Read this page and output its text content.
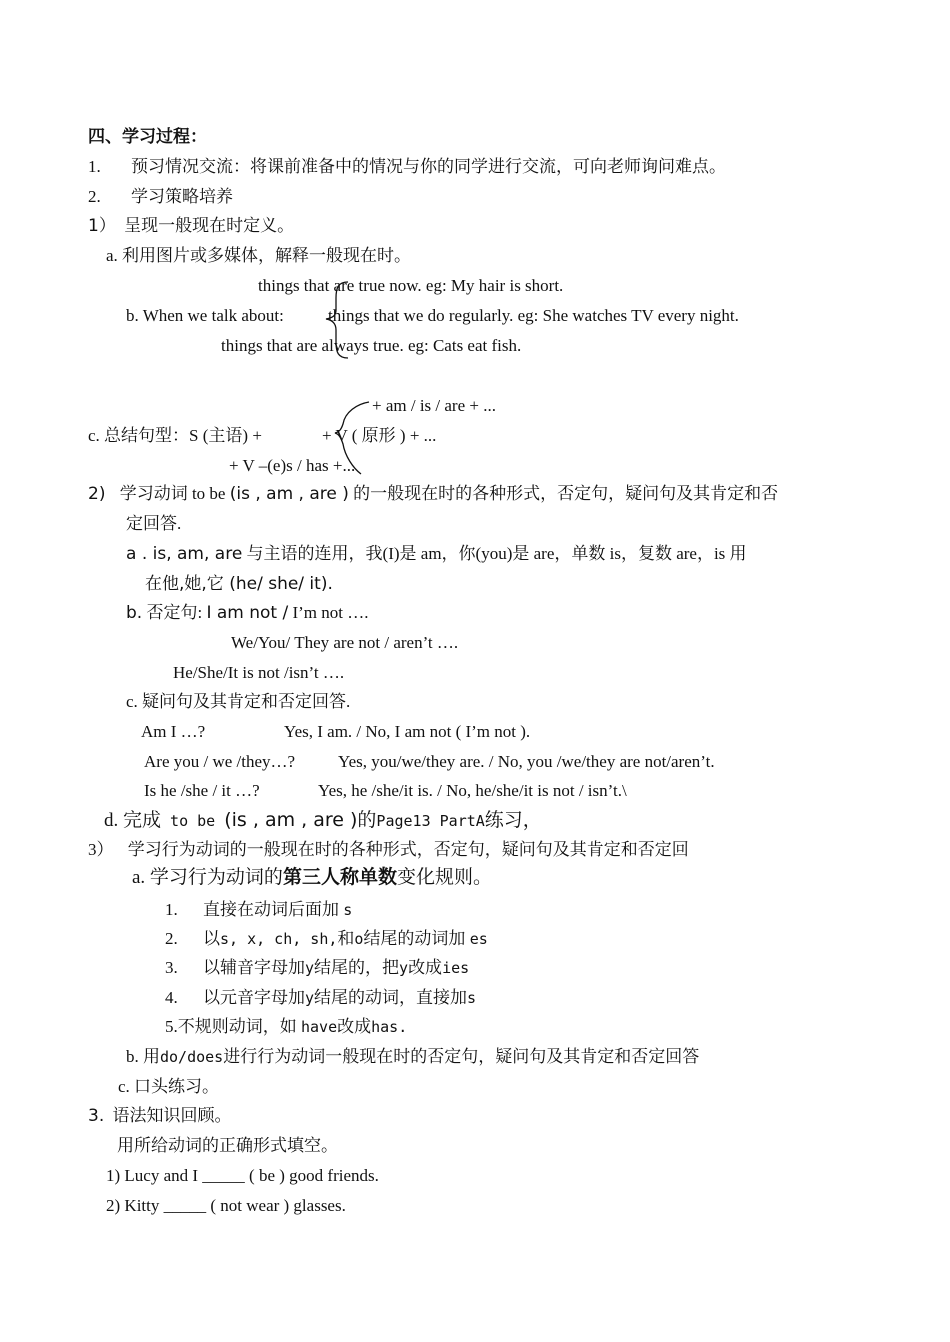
四、学习过程：
1. 预习情况交流：将课前准备中的情况与你的同学进行交流，可向老师询问难点。
2. 学习策略培养
1） 呈现一般现在时定义。
a. 利用图片或多媒体，解释一般现在时。
things that are true now. eg: My hair is short.
b. When we talk about:	things that we do regularly. eg: She watches TV every night.
things that are always true. eg: Cats eat fish.
+ am / is / are + ...
c. 总结句型：S (主语) +	+ V ( 原形 ) + ...
+ V –(e)s / has +...
2) 学习动词 to be (is , am , are ) 的一般现在时的各种形式，否定句，疑问句及其肯定和否
定回答.
a . is, am, are 与主语的连用，我(I)是 am，你(you)是 are，单数 is，复数 are，is 用
在他,她,它 (he/ she/ it).
b. 否定句: I am not / I’m not ….
We/You/ They are not / aren’t ….
He/She/It is not /isn’t ….
c. 疑问句及其肯定和否定回答.
Am I …?	Yes, I am. / No, I am not ( I’m not ).
Are you / we /they…?	Yes, you/we/they are. / No, you /we/they are not/aren’t.
Is he /she / it …?	Yes, he /she/it is. / No, he/she/it is not / isn’t.\
d. 完成 to be (is , am , are )的Page13 PartA练习，
3） 学习行为动词的一般现在时的各种形式，否定句，疑问句及其肯定和否定回
a. 学习行为动词的第三人称单数变化规则。
1. 直接在动词后面加 s
2. 以s, x, ch, sh,和o结尾的动词加 es
3. 以辅音字母加y结尾的，把y改成ies
4. 以元音字母加y结尾的动词，直接加s
5.不规则动词，如 have改成has.
b. 用do/does进行行为动词一般现在时的否定句，疑问句及其肯定和否定回答
c. 口头练习。
3. 语法知识回顾。
用所给动词的正确形式填空。
1) Lucy and I _____ ( be ) good friends.
2) Kitty _____ ( not wear ) glasses.
